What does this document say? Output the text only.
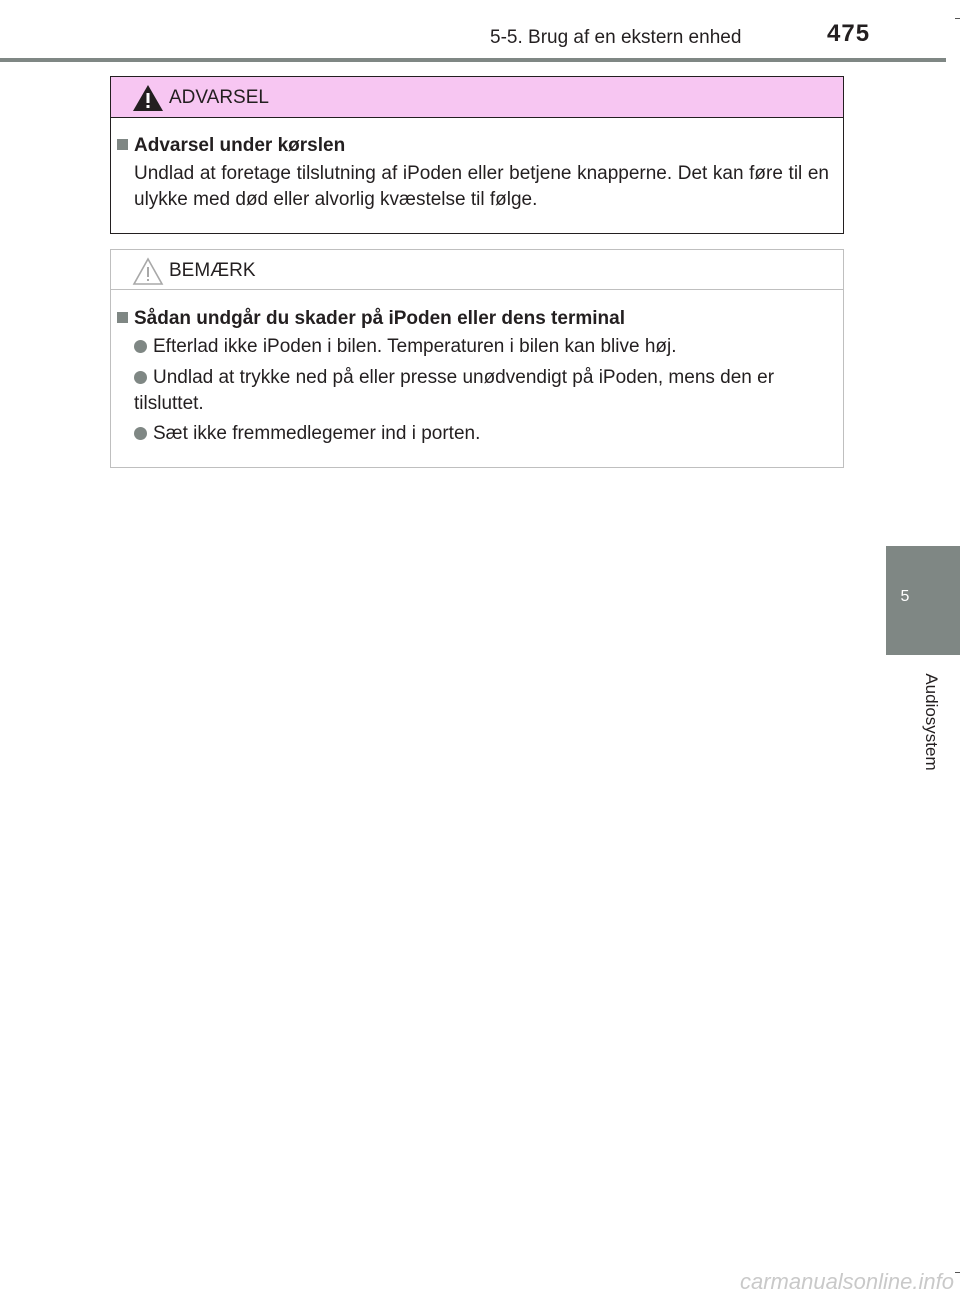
5-5. Brug af en ekstern enhed	475
ADVARSEL
Advarsel under kørslen
Undlad at foretage tilslutning af iPoden eller betjene knapperne. Det kan føre til en ulykke med død eller alvorlig kvæstelse til følge.
BEMÆRK
Sådan undgår du skader på iPoden eller dens terminal
Efterlad ikke iPoden i bilen. Temperaturen i bilen kan blive høj.
Undlad at trykke ned på eller presse unødvendigt på iPoden, mens den er tilsluttet.
Sæt ikke fremmedlegemer ind i porten.
5
Audiosystem
carmanualsonline.info
